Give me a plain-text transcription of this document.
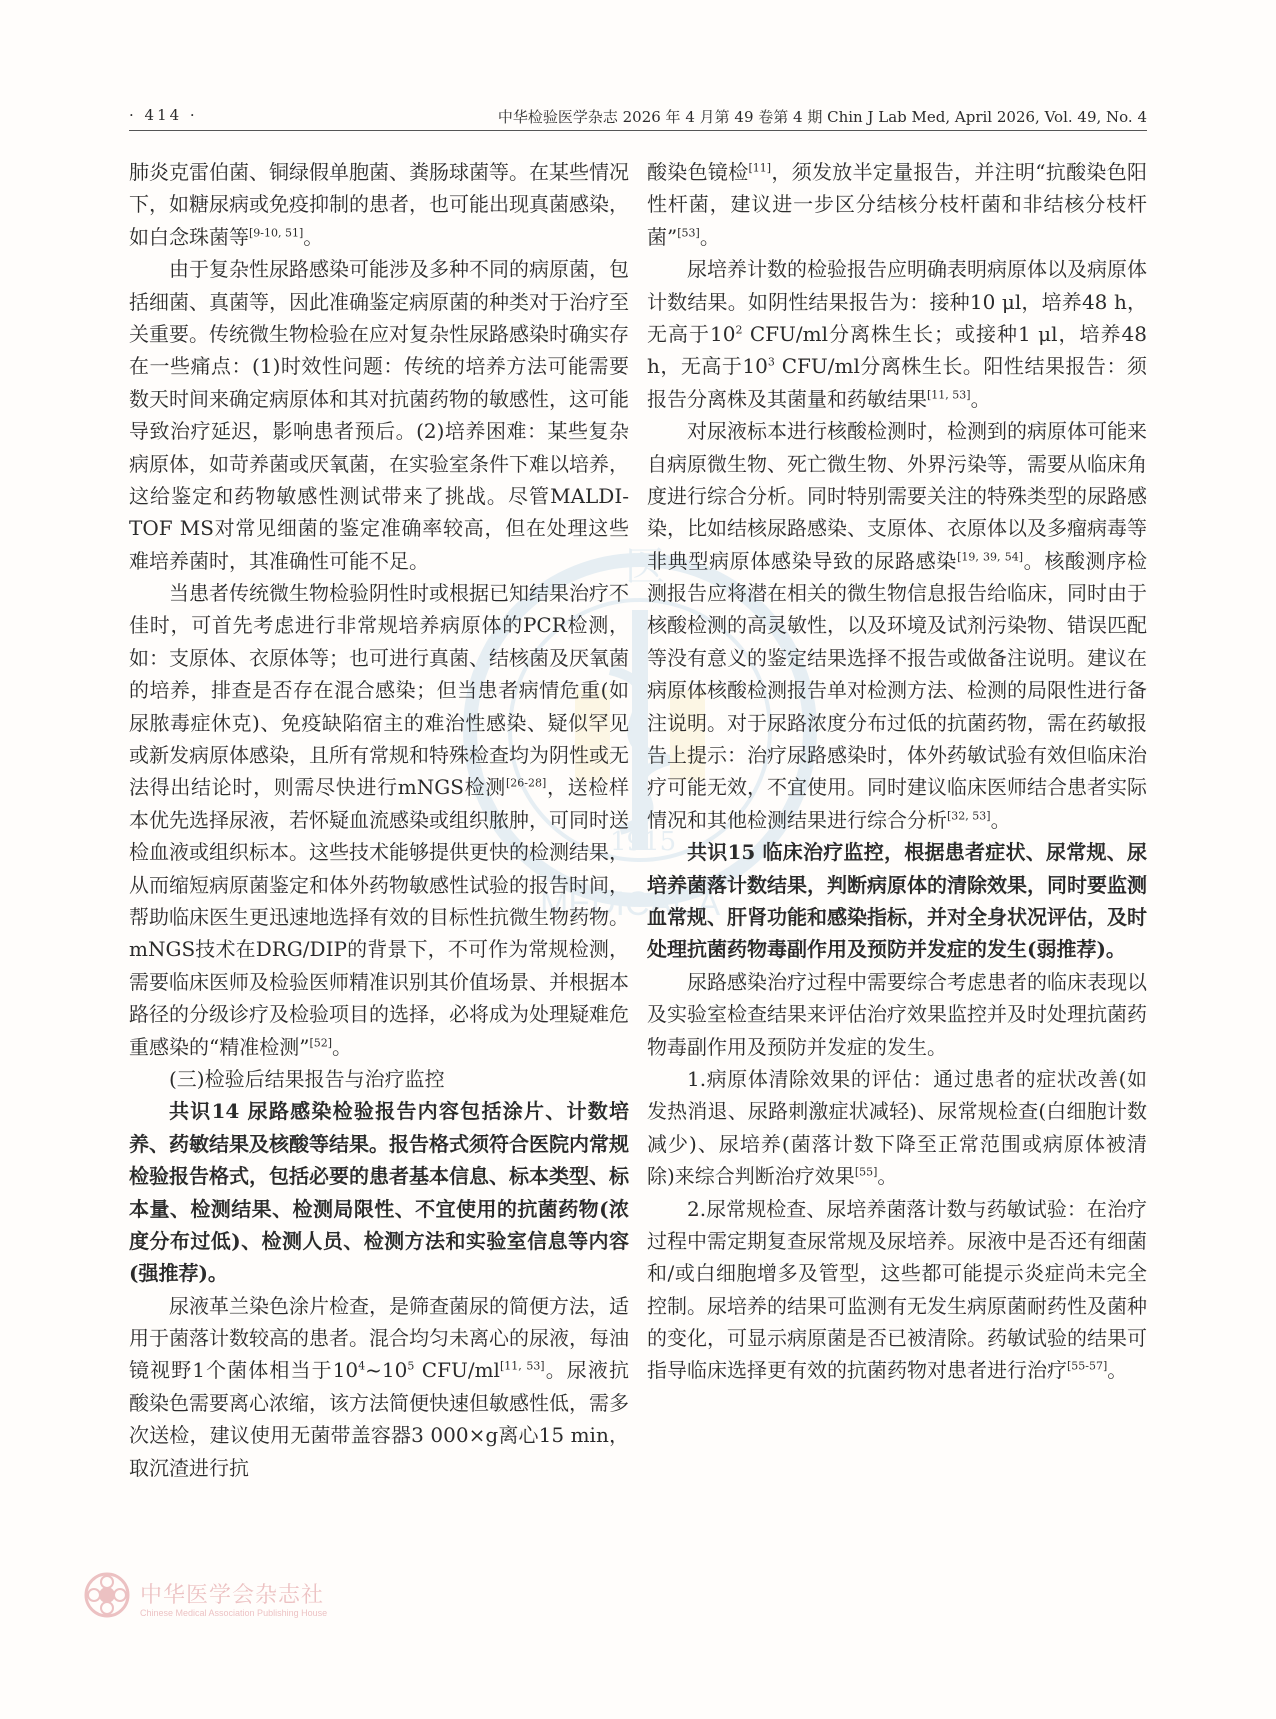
医
1915
MEDICAL A
· 414 ·	中华检验医学杂志 2026 年 4 月第 49 卷第 4 期 Chin J Lab Med, April 2026, Vol. 49, No. 4

肺炎克雷伯菌、铜绿假单胞菌、粪肠球菌等。在某些情况下，如糖尿病或免疫抑制的患者，也可能出现真菌感染，如白念珠菌等[9-10, 51]。

由于复杂性尿路感染可能涉及多种不同的病原菌，包括细菌、真菌等，因此准确鉴定病原菌的种类对于治疗至关重要。传统微生物检验在应对复杂性尿路感染时确实存在一些痛点：(1)时效性问题：传统的培养方法可能需要数天时间来确定病原体和其对抗菌药物的敏感性，这可能导致治疗延迟，影响患者预后。(2)培养困难：某些复杂病原体，如苛养菌或厌氧菌，在实验室条件下难以培养，这给鉴定和药物敏感性测试带来了挑战。尽管MALDI-TOF MS对常见细菌的鉴定准确率较高，但在处理这些难培养菌时，其准确性可能不足。

当患者传统微生物检验阴性时或根据已知结果治疗不佳时，可首先考虑进行非常规培养病原体的PCR检测，如：支原体、衣原体等；也可进行真菌、结核菌及厌氧菌的培养，排查是否存在混合感染；但当患者病情危重(如尿脓毒症休克)、免疫缺陷宿主的难治性感染、疑似罕见或新发病原体感染，且所有常规和特殊检查均为阴性或无法得出结论时，则需尽快进行mNGS检测[26-28]，送检样本优先选择尿液，若怀疑血流感染或组织脓肿，可同时送检血液或组织标本。这些技术能够提供更快的检测结果，从而缩短病原菌鉴定和体外药物敏感性试验的报告时间，帮助临床医生更迅速地选择有效的目标性抗微生物药物。mNGS技术在DRG/DIP的背景下，不可作为常规检测，需要临床医师及检验医师精准识别其价值场景、并根据本路径的分级诊疗及检验项目的选择，必将成为处理疑难危重感染的“精准检测”[52]。

(三)检验后结果报告与治疗监控

共识14 尿路感染检验报告内容包括涂片、计数培养、药敏结果及核酸等结果。报告格式须符合医院内常规检验报告格式，包括必要的患者基本信息、标本类型、标本量、检测结果、检测局限性、不宜使用的抗菌药物(浓度分布过低)、检测人员、检测方法和实验室信息等内容(强推荐)。

尿液革兰染色涂片检查，是筛查菌尿的简便方法，适用于菌落计数较高的患者。混合均匀未离心的尿液，每油镜视野1个菌体相当于$10^4\sim 10^5$ CFU/ml[11, 53]。尿液抗酸染色需要离心浓缩，该方法简便快速但敏感性低，需多次送检，建议使用无菌带盖容器3 000×g离心15 min，取沉渣进行抗

酸染色镜检[11]，须发放半定量报告，并注明“抗酸染色阳性杆菌，建议进一步区分结核分枝杆菌和非结核分枝杆菌”[53]。

尿培养计数的检验报告应明确表明病原体以及病原体计数结果。如阴性结果报告为：接种10 μl，培养48 h，无高于$10^2$ CFU/ml分离株生长；或接种1 μl，培养48 h，无高于$10^3$ CFU/ml分离株生长。阳性结果报告：须报告分离株及其菌量和药敏结果[11, 53]。

对尿液标本进行核酸检测时，检测到的病原体可能来自病原微生物、死亡微生物、外界污染等，需要从临床角度进行综合分析。同时特别需要关注的特殊类型的尿路感染，比如结核尿路感染、支原体、衣原体以及多瘤病毒等非典型病原体感染导致的尿路感染[19, 39, 54]。核酸测序检测报告应将潜在相关的微生物信息报告给临床，同时由于核酸检测的高灵敏性，以及环境及试剂污染物、错误匹配等没有意义的鉴定结果选择不报告或做备注说明。建议在病原体核酸检测报告单对检测方法、检测的局限性进行备注说明。对于尿路浓度分布过低的抗菌药物，需在药敏报告上提示：治疗尿路感染时，体外药敏试验有效但临床治疗可能无效，不宜使用。同时建议临床医师结合患者实际情况和其他检测结果进行综合分析[32, 53]。

共识15 临床治疗监控，根据患者症状、尿常规、尿培养菌落计数结果，判断病原体的清除效果，同时要监测血常规、肝肾功能和感染指标，并对全身状况评估，及时处理抗菌药物毒副作用及预防并发症的发生(弱推荐)。

尿路感染治疗过程中需要综合考虑患者的临床表现以及实验室检查结果来评估治疗效果监控并及时处理抗菌药物毒副作用及预防并发症的发生。

1.病原体清除效果的评估：通过患者的症状改善(如发热消退、尿路刺激症状减轻)、尿常规检查(白细胞计数减少)、尿培养(菌落计数下降至正常范围或病原体被清除)来综合判断治疗效果[55]。

2.尿常规检查、尿培养菌落计数与药敏试验：在治疗过程中需定期复查尿常规及尿培养。尿液中是否还有细菌和/或白细胞增多及管型，这些都可能提示炎症尚未完全控制。尿培养的结果可监测有无发生病原菌耐药性及菌种的变化，可显示病原菌是否已被清除。药敏试验的结果可指导临床选择更有效的抗菌药物对患者进行治疗[55-57]。

中华医学会杂志社
Chinese Medical Association Publishing House
